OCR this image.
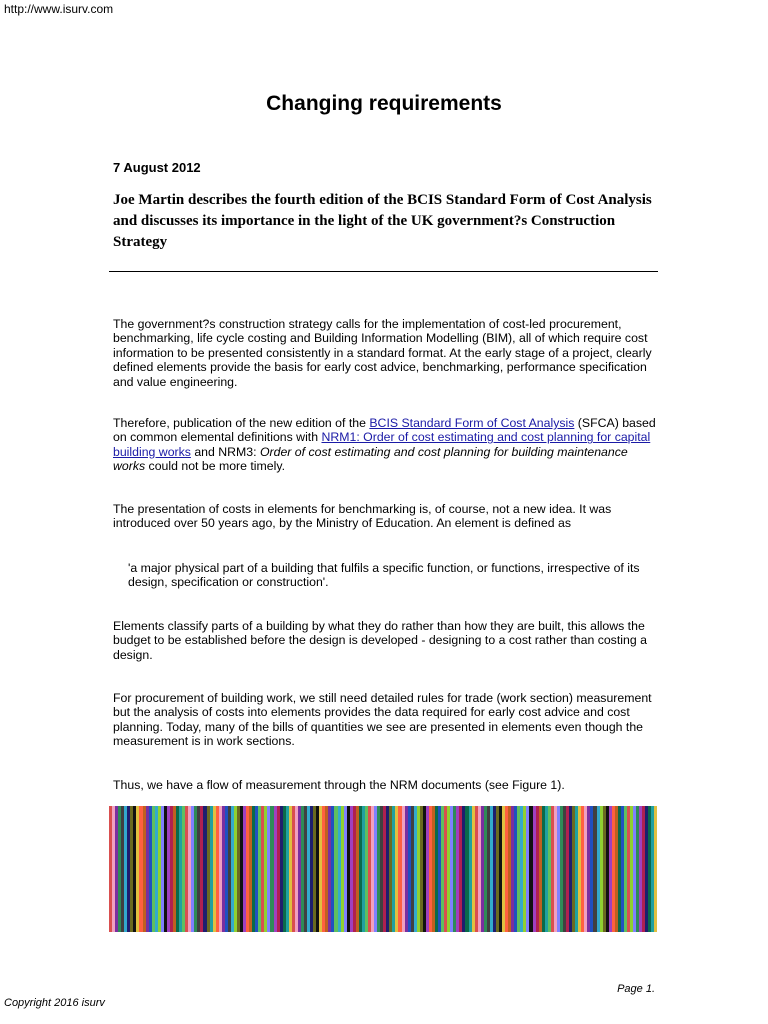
http://www.isurv.com
Changing requirements
7 August 2012

Joe Martin describes the fourth edition of the BCIS Standard Form of Cost Analysis and discusses its importance in the light of the UK government?s Construction Strategy

The government?s construction strategy calls for the implementation of cost-led procurement, benchmarking, life cycle costing and Building Information Modelling (BIM), all of which require cost information to be presented consistently in a standard format. At the early stage of a project, clearly defined elements provide the basis for early cost advice, benchmarking, performance specification and value engineering.

Therefore, publication of the new edition of the BCIS Standard Form of Cost Analysis (SFCA) based on common elemental definitions with NRM1: Order of cost estimating and cost planning for capital building works and NRM3: Order of cost estimating and cost planning for building maintenance works could not be more timely.

The presentation of costs in elements for benchmarking is, of course, not a new idea. It was introduced over 50 years ago, by the Ministry of Education. An element is defined as

'a major physical part of a building that fulfils a specific function, or functions, irrespective of its design, specification or construction'.

Elements classify parts of a building by what they do rather than how they are built, this allows the budget to be established before the design is developed - designing to a cost rather than costing a design.

For procurement of building work, we still need detailed rules for trade (work section) measurement but the analysis of costs into elements provides the data required for early cost advice and cost planning. Today, many of the bills of quantities we see are presented in elements even though the measurement is in work sections.

Thus, we have a flow of measurement through the NRM documents (see Figure 1).

Page 1.
Copyright 2016 isurv
